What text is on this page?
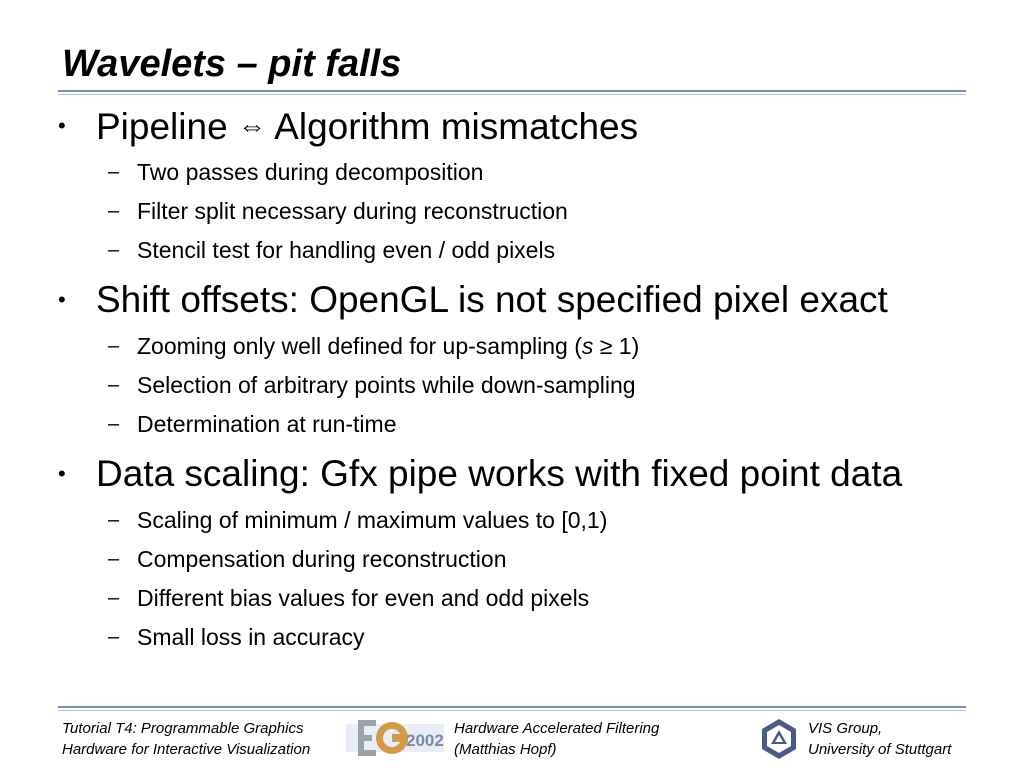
Wavelets – pit falls
• Pipeline ⇔ Algorithm mismatches
– Two passes during decomposition
– Filter split necessary during reconstruction
– Stencil test for handling even / odd pixels
• Shift offsets: OpenGL is not specified pixel exact
– Zooming only well defined for up-sampling (s ≥ 1)
– Selection of arbitrary points while down-sampling
– Determination at run-time
• Data scaling: Gfx pipe works with fixed point data
– Scaling of minimum / maximum values to [0,1)
– Compensation during reconstruction
– Different bias values for even and odd pixels
– Small loss in accuracy
Tutorial T4: Programmable Graphics
Hardware for Interactive Visualization	2002
Hardware Accelerated Filtering
(Matthias Hopf)
VIS Group,
University of Stuttgart
